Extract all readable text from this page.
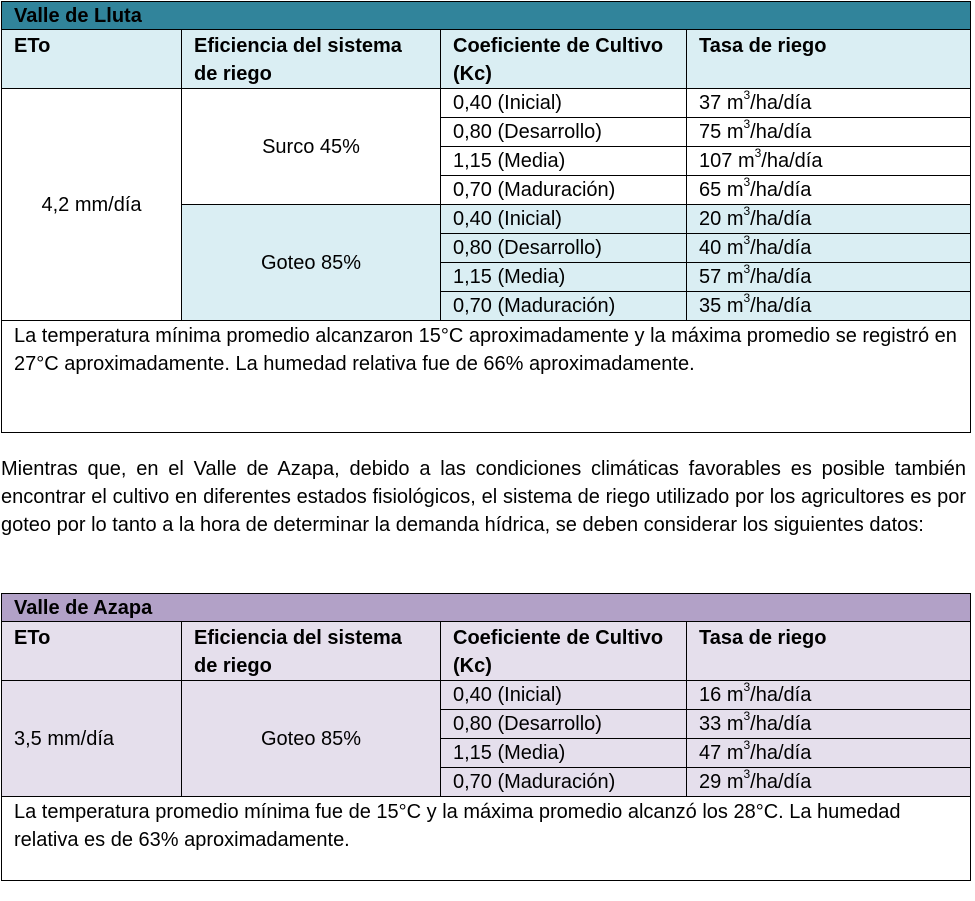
Valle de Lluta			
ETo	Eficiencia del sistema de riego	Coeficiente de Cultivo (Kc)	Tasa de riego
4,2 mm/día	Surco 45%	0,40 (Inicial)	37 $m^3/ha$/día
		0,80 (Desarrollo)	75 $m^3/ha$/día
		1,15 (Media)	107 $m^3/ha$/día
		0,70 (Maduración)	65 $m^3/ha$/día
	Goteo 85%	0,40 (Inicial)	20 $m^3/ha$/día
		0,80 (Desarrollo)	40 $m^3/ha$/día
		1,15 (Media)	57 $m^3/ha$/día
		0,70 (Maduración)	35 $m^3/ha$/día
La temperatura mínima promedio alcanzaron 15°C aproximadamente y la máxima promedio se registró en 27°C aproximadamente. La humedad relativa fue de 66% aproximadamente.			

Mientras que, en el Valle de Azapa, debido a las condiciones climáticas favorables es posible también encontrar el cultivo en diferentes estados fisiológicos, el sistema de riego utilizado por los agricultores es por goteo por lo tanto a la hora de determinar la demanda hídrica, se deben considerar los siguientes datos:

Valle de Azapa			
ETo	Eficiencia del sistema de riego	Coeficiente de Cultivo (Kc)	Tasa de riego
3,5 mm/día	Goteo 85%	0,40 (Inicial)	16 $m^3/ha$/día
		0,80 (Desarrollo)	33 $m^3/ha$/día
		1,15 (Media)	47 $m^3/ha$/día
		0,70 (Maduración)	29 $m^3/ha$/día
La temperatura promedio mínima fue de 15°C y la máxima promedio alcanzó los 28°C. La humedad relativa es de 63% aproximadamente.			
